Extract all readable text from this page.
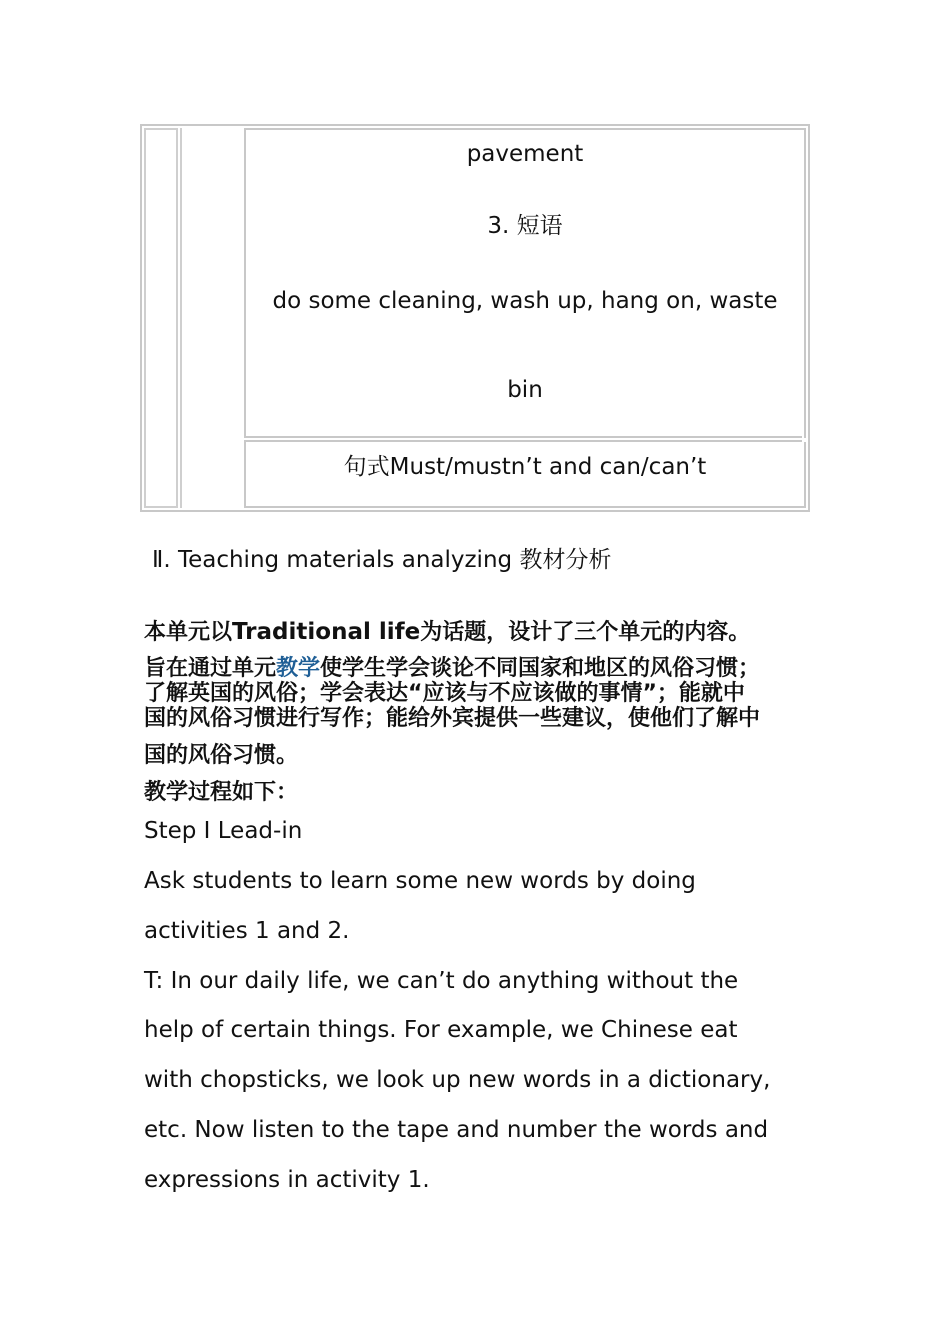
pavement
3. 短语
do some cleaning, wash up, hang on, waste
bin
句式Must/mustn’t and can/can’t
Ⅱ. Teaching materials analyzing 教材分析
本单元以Traditional life为话题，设计了三个单元的内容。
旨在通过单元教学使学生学会谈论不同国家和地区的风俗习惯；
了解英国的风俗；学会表达“应该与不应该做的事情”；能就中
国的风俗习惯进行写作；能给外宾提供一些建议，使他们了解中
国的风俗习惯。
教学过程如下：
Step I Lead-in
Ask students to learn some new words by doing
activities 1 and 2.
T: In our daily life, we can’t do anything without the
help of certain things. For example, we Chinese eat
with chopsticks, we look up new words in a dictionary,
etc. Now listen to the tape and number the words and
expressions in activity 1.
